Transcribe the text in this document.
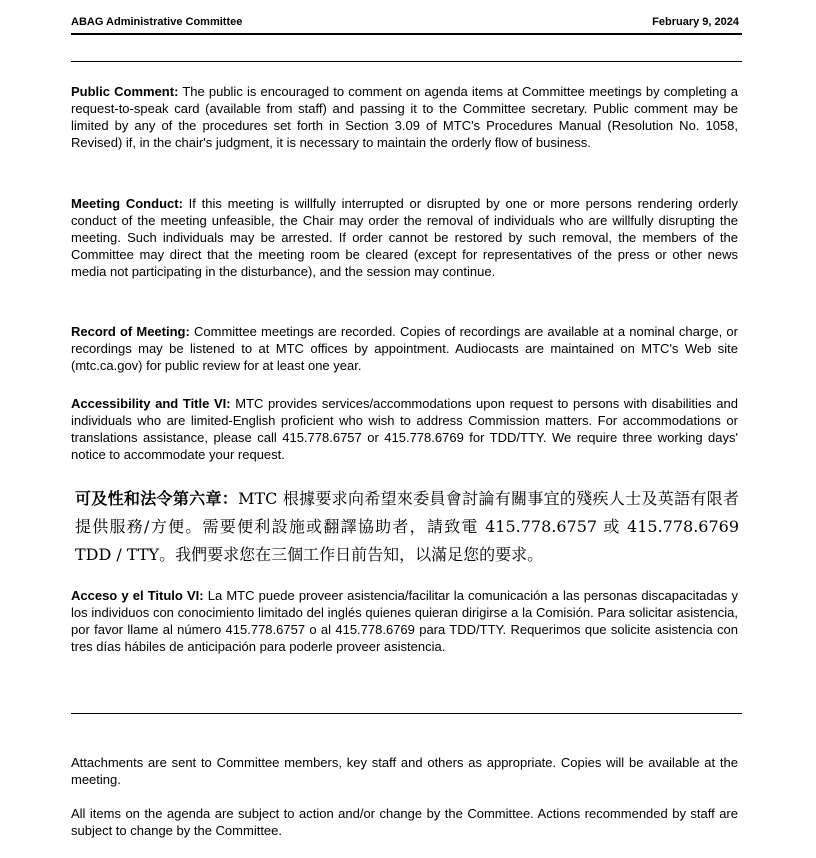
ABAG Administrative Committee	February 9, 2024

Public Comment: The public is encouraged to comment on agenda items at Committee meetings by completing a request-to-speak card (available from staff) and passing it to the Committee secretary. Public comment may be limited by any of the procedures set forth in Section 3.09 of MTC's Procedures Manual (Resolution No. 1058, Revised) if, in the chair's judgment, it is necessary to maintain the orderly flow of business.

Meeting Conduct: If this meeting is willfully interrupted or disrupted by one or more persons rendering orderly conduct of the meeting unfeasible, the Chair may order the removal of individuals who are willfully disrupting the meeting. Such individuals may be arrested. If order cannot be restored by such removal, the members of the Committee may direct that the meeting room be cleared (except for representatives of the press or other news media not participating in the disturbance), and the session may continue.

Record of Meeting: Committee meetings are recorded. Copies of recordings are available at a nominal charge, or recordings may be listened to at MTC offices by appointment. Audiocasts are maintained on MTC's Web site (mtc.ca.gov) for public review for at least one year.

Accessibility and Title VI: MTC provides services/accommodations upon request to persons with disabilities and individuals who are limited-English proficient who wish to address Commission matters. For accommodations or translations assistance, please call 415.778.6757 or 415.778.6769 for TDD/TTY. We require three working days' notice to accommodate your request.

可及性和法令第六章：MTC 根據要求向希望來委員會討論有關事宜的殘疾人士及英語有限者提供服務/方便。需要便利設施或翻譯協助者，請致電 415.778.6757 或 415.778.6769 TDD / TTY。我們要求您在三個工作日前告知，以滿足您的要求。

Acceso y el Titulo VI: La MTC puede proveer asistencia/facilitar la comunicación a las personas discapacitadas y los individuos con conocimiento limitado del inglés quienes quieran dirigirse a la Comisión. Para solicitar asistencia, por favor llame al número 415.778.6757 o al 415.778.6769 para TDD/TTY. Requerimos que solicite asistencia con tres días hábiles de anticipación para poderle proveer asistencia.

Attachments are sent to Committee members, key staff and others as appropriate. Copies will be available at the meeting.

All items on the agenda are subject to action and/or change by the Committee. Actions recommended by staff are subject to change by the Committee.
